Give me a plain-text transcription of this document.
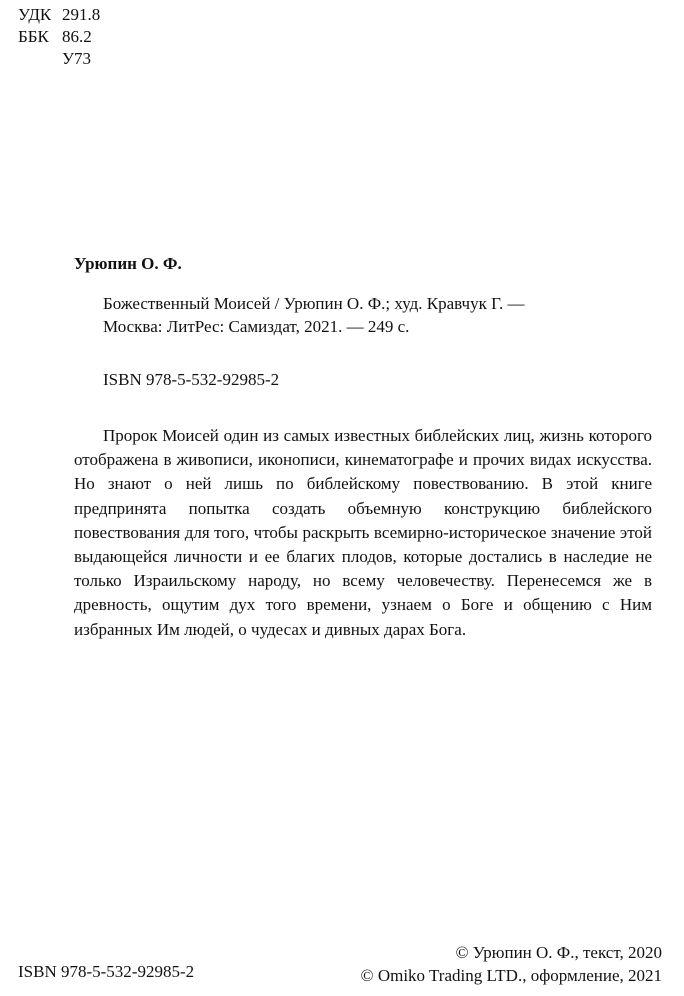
УДК 291.8
ББК 86.2
У73
Урюпин О. Ф.
Божественный Моисей / Урюпин О. Ф.; худ. Кравчук Г. —
Москва: ЛитРес: Самиздат, 2021. — 249 с.
ISBN 978-5-532-92985-2
Пророк Моисей один из самых известных библейских лиц, жизнь которого отображена в живописи, иконописи, кинематографе и прочих видах искусства. Но знают о ней лишь по библейскому повествованию. В этой книге предпринята попытка создать объемную конструкцию библейского повествования для того, чтобы раскрыть всемирно-историческое значение этой выдающейся личности и ее благих плодов, которые достались в наследие не только Израильскому народу, но всему человечеству. Перенесемся же в древность, ощутим дух того времени, узнаем о Боге и общению с Ним избранных Им людей, о чудесах и дивных дарах Бога.
ISBN 978-5-532-92985-2
© Урюпин О. Ф., текст, 2020
© Omiko Trading LTD., оформление, 2021
